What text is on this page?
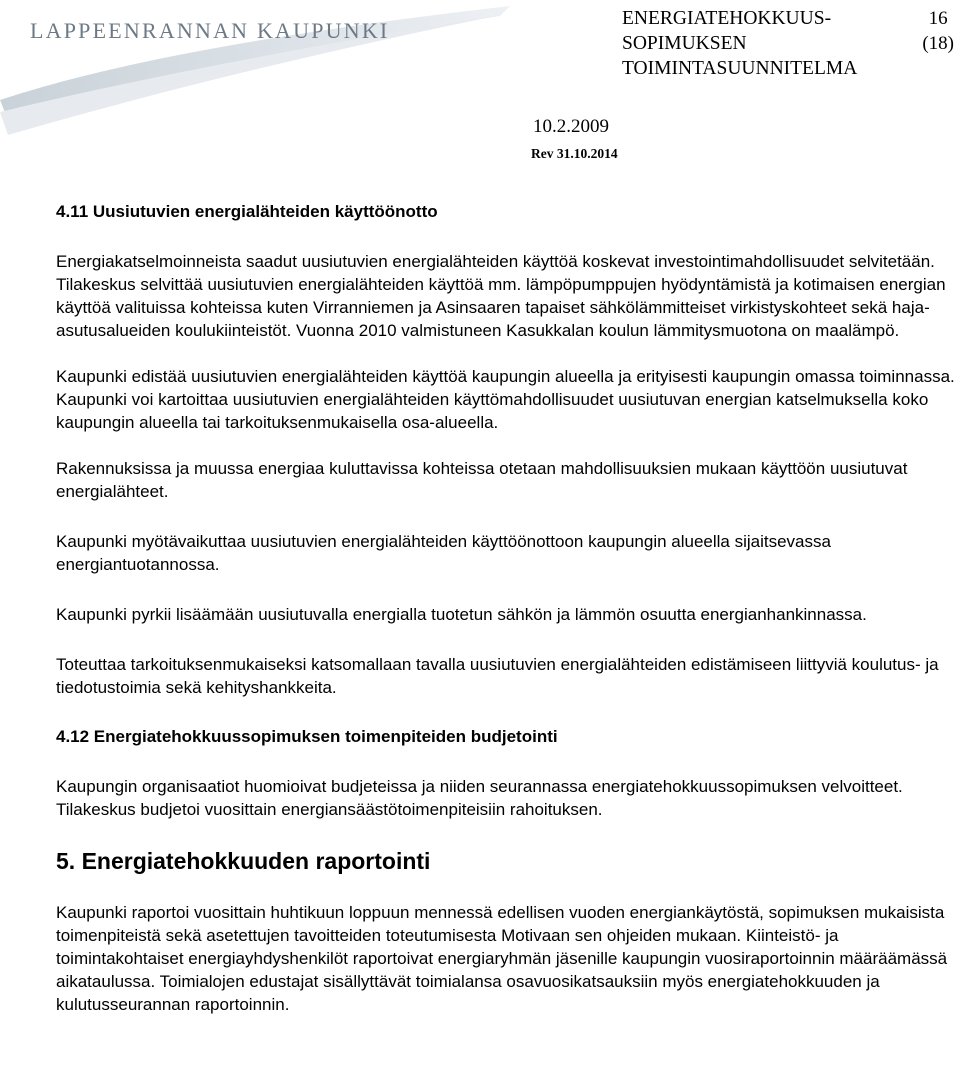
LAPPEENRANNAN KAUPUNKI	ENERGIATEHOKKUUS-
SOPIMUKSEN
TOIMINTASUUNNITELMA
16
(18)
10.2.2009
Rev 31.10.2014

4.11 Uusiutuvien energialähteiden käyttöönotto

Energiakatselmoinneista saadut uusiutuvien energialähteiden käyttöä koskevat investointimahdollisuudet selvitetään. Tilakeskus selvittää uusiutuvien energialähteiden käyttöä mm. lämpöpumppujen hyödyntämistä ja kotimaisen energian käyttöä valituissa kohteissa kuten Virranniemen ja Asinsaaren tapaiset sähkölämmitteiset virkistyskohteet sekä haja-asutusalueiden koulukiinteistöt. Vuonna 2010 valmistuneen Kasukkalan koulun lämmitysmuotona on maalämpö.

Kaupunki edistää uusiutuvien energialähteiden käyttöä kaupungin alueella ja erityisesti kaupungin omassa toiminnassa. Kaupunki voi kartoittaa uusiutuvien energialähteiden käyttömahdollisuudet uusiutuvan energian katselmuksella koko kaupungin alueella tai tarkoituksenmukaisella osa-alueella.

Rakennuksissa ja muussa energiaa kuluttavissa kohteissa otetaan mahdollisuuksien mukaan käyttöön uusiutuvat energialähteet.

Kaupunki myötävaikuttaa uusiutuvien energialähteiden käyttöönottoon kaupungin alueella sijaitsevassa energiantuotannossa.

Kaupunki pyrkii lisäämään uusiutuvalla energialla tuotetun sähkön ja lämmön osuutta energianhankinnassa.

Toteuttaa tarkoituksenmukaiseksi katsomallaan tavalla uusiutuvien energialähteiden edistämiseen liittyviä koulutus- ja tiedotustoimia sekä kehityshankkeita.

4.12 Energiatehokkuussopimuksen toimenpiteiden budjetointi

Kaupungin organisaatiot huomioivat budjeteissa ja niiden seurannassa energiatehokkuussopimuksen velvoitteet. Tilakeskus budjetoi vuosittain energiansäästötoimenpiteisiin rahoituksen.

5. Energiatehokkuuden raportointi

Kaupunki raportoi vuosittain huhtikuun loppuun mennessä edellisen vuoden energiankäytöstä, sopimuksen mukaisista toimenpiteistä sekä asetettujen tavoitteiden toteutumisesta Motivaan sen ohjeiden mukaan. Kiinteistö- ja toimintakohtaiset energiayhdyshenkilöt raportoivat energiaryhmän jäsenille kaupungin vuosiraportoinnin määräämässä aikataulussa. Toimialojen edustajat sisällyttävät toimialansa osavuosikatsauksiin myös energiatehokkuuden ja kulutusseurannan raportoinnin.
